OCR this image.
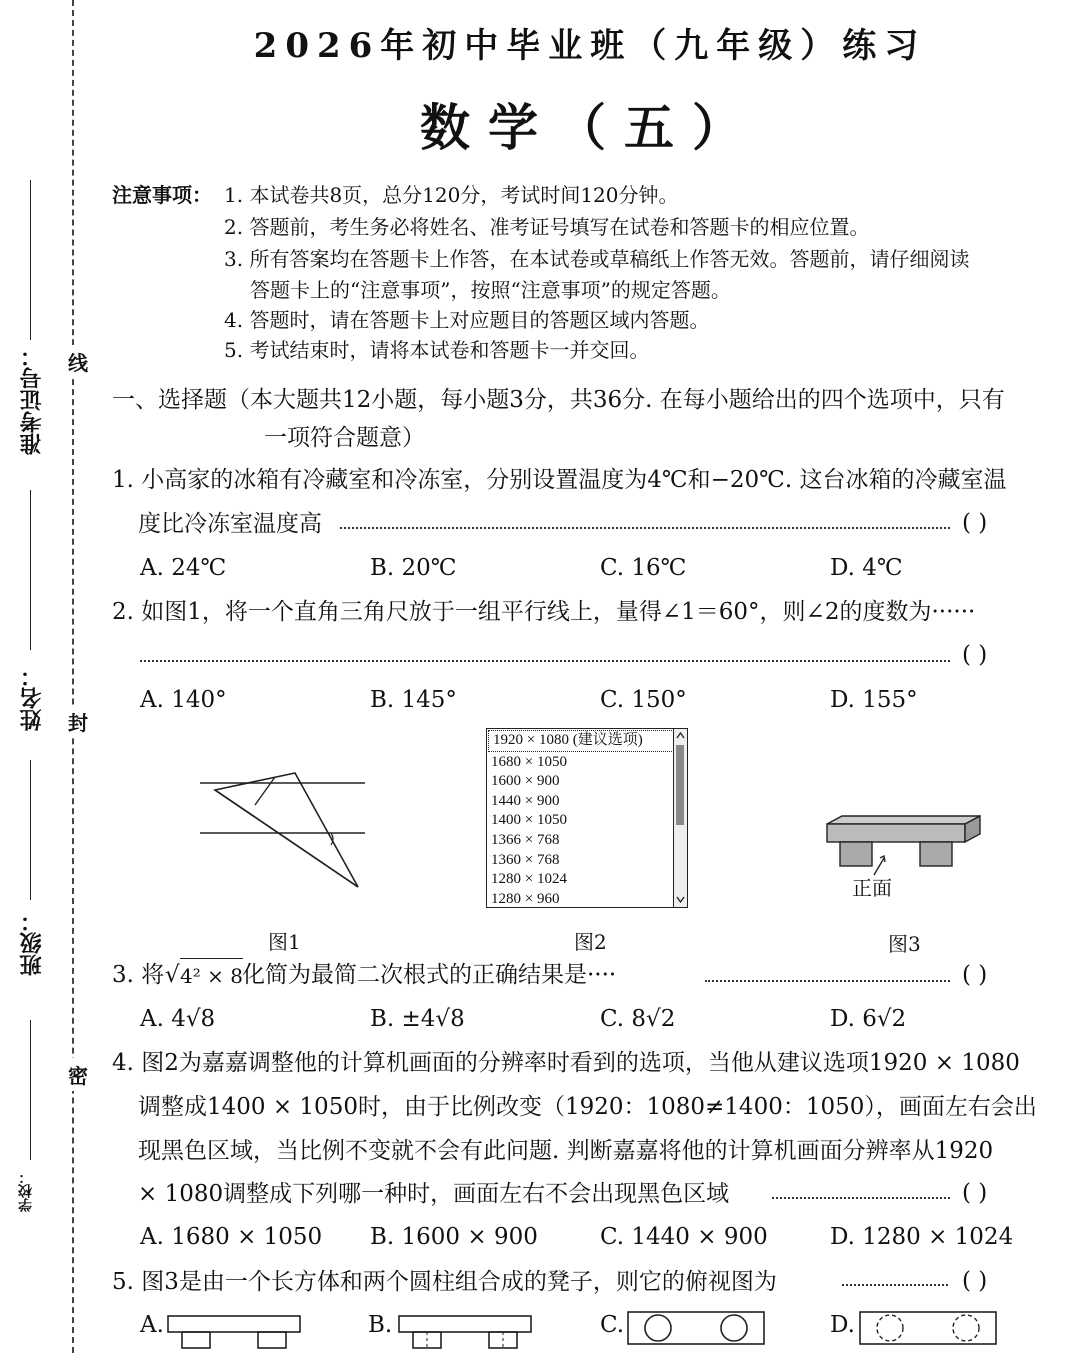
准考证号：
姓名：
班级：
学校：
线
封
密
2026年初中毕业班（九年级）练习
数学（五）
注意事项： 1. 本试卷共8页，总分120分，考试时间120分钟。
2. 答题前，考生务必将姓名、准考证号填写在试卷和答题卡的相应位置。
3. 所有答案均在答题卡上作答，在本试卷或草稿纸上作答无效。答题前，请仔细阅读
答题卡上的“注意事项”，按照“注意事项”的规定答题。
4. 答题时，请在答题卡上对应题目的答题区域内答题。
5. 考试结束时，请将本试卷和答题卡一并交回。
一、选择题（本大题共12小题，每小题3分，共36分. 在每小题给出的四个选项中，只有
一项符合题意）
1. 小高家的冰箱有冷藏室和冷冻室，分别设置温度为4℃和−20℃. 这台冰箱的冷藏室温
度比冷冻室温度高	( )
A. 24℃	B. 20℃	C. 16℃	D. 4℃
2. 如图1，将一个直角三角尺放于一组平行线上，量得∠1＝60°，则∠2的度数为······
( )
A. 140°	B. 145°	C. 150°	D. 155°
图1
1920 × 1080 (建议选项)
1680 × 1050
1600 × 900
1440 × 900
1400 × 1050
1366 × 768
1360 × 768
1280 × 1024
1280 × 960
图2
正面
图3
3. 将 √ 4² × 8 化简为最简二次根式的正确结果是····	( )
A. 4√8	B. ±4√8	C. 8√2	D. 6√2
4. 图2为嘉嘉调整他的计算机画面的分辨率时看到的选项，当他从建议选项1920 × 1080
调整成1400 × 1050时，由于比例改变（1920：1080≠1400：1050），画面左右会出
现黑色区域，当比例不变就不会有此问题. 判断嘉嘉将他的计算机画面分辨率从1920
× 1080调整成下列哪一种时，画面左右不会出现黑色区域	( )
A. 1680 × 1050 B. 1600 × 900	C. 1440 × 900	D. 1280 × 1024
5. 图3是由一个长方体和两个圆柱组合成的凳子，则它的俯视图为	( )
A.	B.	C.	D.
